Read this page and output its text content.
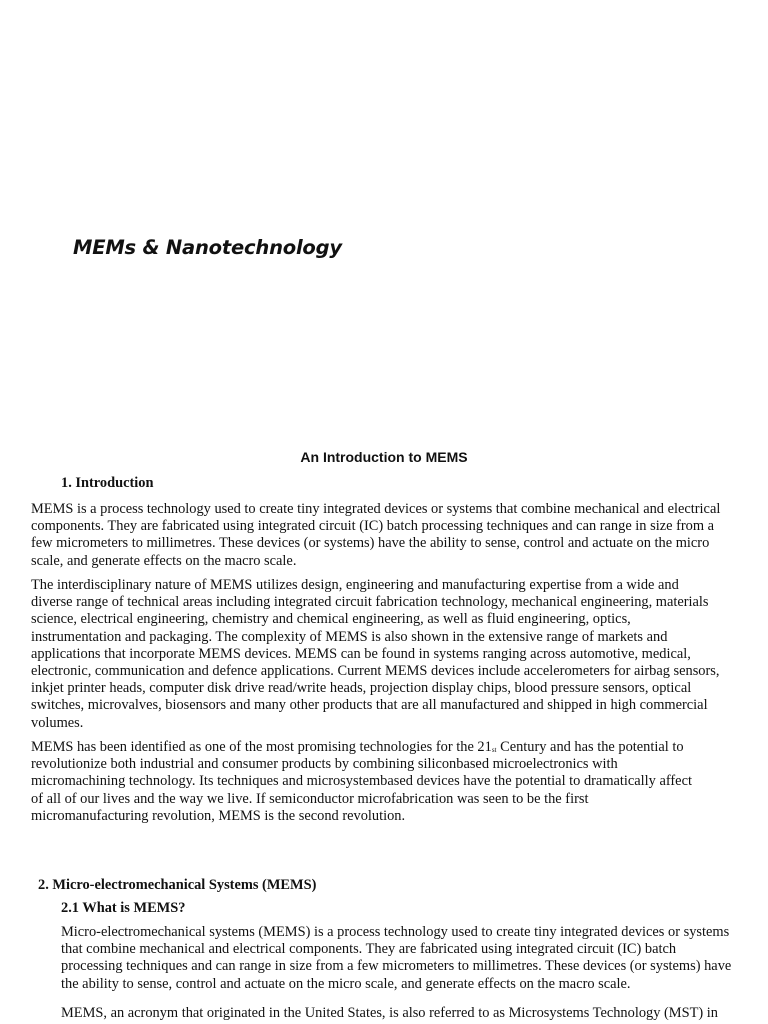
MEMs & Nanotechnology
An Introduction to MEMS
1. Introduction

MEMS is a process technology used to create tiny integrated devices or systems that combine mechanical and electrical
components. They are fabricated using integrated circuit (IC) batch processing techniques and can range in size from a
few micrometers to millimetres. These devices (or systems) have the ability to sense, control and actuate on the micro
scale, and generate effects on the macro scale.

The interdisciplinary nature of MEMS utilizes design, engineering and manufacturing expertise from a wide and
diverse range of technical areas including integrated circuit fabrication technology, mechanical engineering, materials
science, electrical engineering, chemistry and chemical engineering, as well as fluid engineering, optics,
instrumentation and packaging. The complexity of MEMS is also shown in the extensive range of markets and
applications that incorporate MEMS devices. MEMS can be found in systems ranging across automotive, medical,
electronic, communication and defence applications. Current MEMS devices include accelerometers for airbag sensors,
inkjet printer heads, computer disk drive read/write heads, projection display chips, blood pressure sensors, optical
switches, microvalves, biosensors and many other products that are all manufactured and shipped in high commercial
volumes.

MEMS has been identified as one of the most promising technologies for the $21_{st}$ Century and has the potential to
revolutionize both industrial and consumer products by combining siliconbased microelectronics with
micromachining technology. Its techniques and microsystembased devices have the potential to dramatically affect
of all of our lives and the way we live. If semiconductor microfabrication was seen to be the first
micromanufacturing revolution, MEMS is the second revolution.

2. Micro-electromechanical Systems (MEMS)
2.1 What is MEMS?

Micro-electromechanical systems (MEMS) is a process technology used to create tiny integrated devices or systems
that combine mechanical and electrical components. They are fabricated using integrated circuit (IC) batch
processing techniques and can range in size from a few micrometers to millimetres. These devices (or systems) have
the ability to sense, control and actuate on the micro scale, and generate effects on the macro scale.

MEMS, an acronym that originated in the United States, is also referred to as Microsystems Technology (MST) in
